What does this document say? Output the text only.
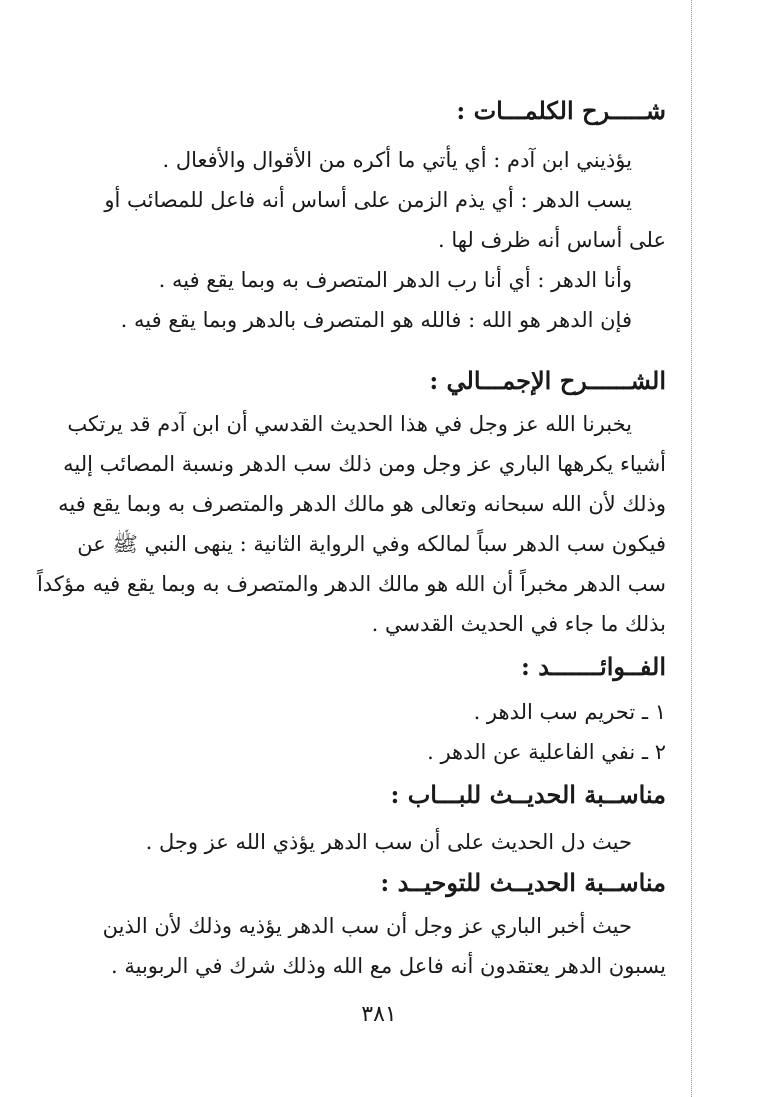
شـــــرح الكلمـــات :
يؤذيني ابن آدم : أي يأتي ما أكره من الأقوال والأفعال .
يسب الدهر : أي يذم الزمن على أساس أنه فاعل للمصائب أو
على أساس أنه ظرف لها .
وأنا الدهر : أي أنا رب الدهر المتصرف به وبما يقع فيه .
فإن الدهر هو الله : فالله هو المتصرف بالدهر وبما يقع فيه .
الشــــــرح الإجمـــالي :
يخبرنا الله عز وجل في هذا الحديث القدسي أن ابن آدم قد يرتكب
أشياء يكرهها الباري عز وجل ومن ذلك سب الدهر ونسبة المصائب إليه
وذلك لأن الله سبحانه وتعالى هو مالك الدهر والمتصرف به وبما يقع فيه
فيكون سب الدهر سباً لمالكه وفي الرواية الثانية : ينهى النبي ﷺ عن
سب الدهر مخبراً أن الله هو مالك الدهر والمتصرف به وبما يقع فيه مؤكداً
بذلك ما جاء في الحديث القدسي .
الفــوائـــــــد :
١ ـ تحريم سب الدهر .
٢ ـ نفي الفاعلية عن الدهر .
مناســبة الحديــث للبـــاب :
حيث دل الحديث على أن سب الدهر يؤذي الله عز وجل .
مناســبة الحديــث للتوحيــد :
حيث أخبر الباري عز وجل أن سب الدهر يؤذيه وذلك لأن الذين
يسبون الدهر يعتقدون أنه فاعل مع الله وذلك شرك في الربوبية .
٣٨١
